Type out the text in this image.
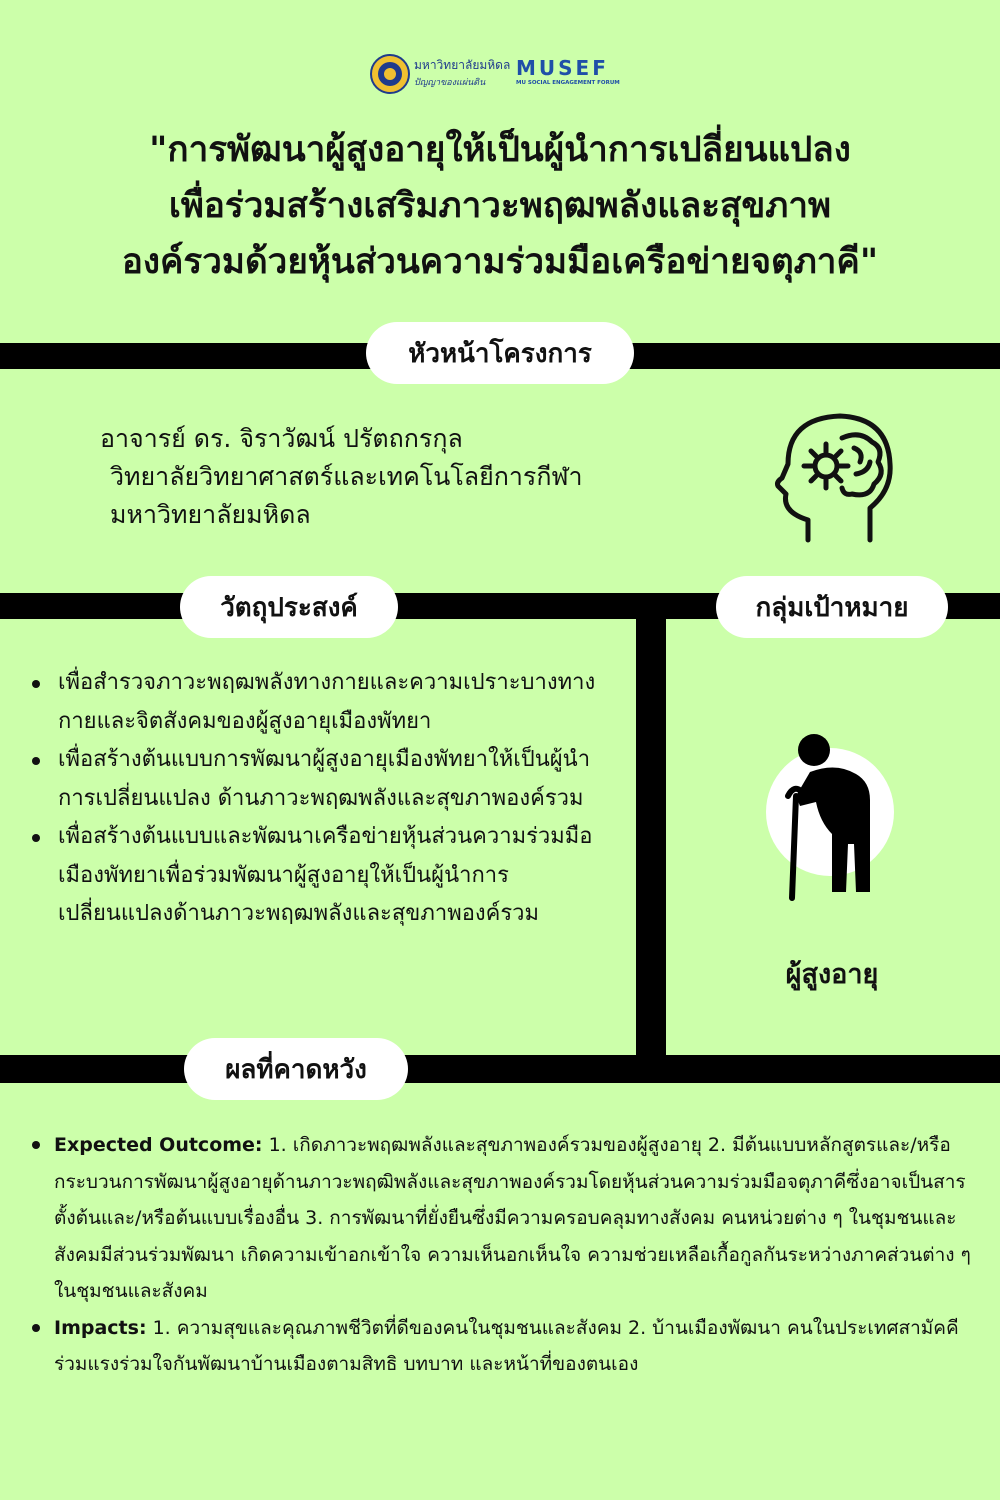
มหาวิทยาลัยมหิดล
ปัญญาของแผ่นดิน
MUSEF
MU SOCIAL ENGAGEMENT FORUM
"การพัฒนาผู้สูงอายุให้เป็นผู้นำการเปลี่ยนแปลง
เพื่อร่วมสร้างเสริมภาวะพฤฒพลังและสุขภาพ
องค์รวมด้วยหุ้นส่วนความร่วมมือเครือข่ายจตุภาคี"
หัวหน้าโครงการ
อาจารย์ ดร. จิราวัฒน์ ปรัตถกรกุล
วิทยาลัยวิทยาศาสตร์และเทคโนโลยีการกีฬา
มหาวิทยาลัยมหิดล
วัตถุประสงค์	กลุ่มเป้าหมาย
เพื่อสำรวจภาวะพฤฒพลังทางกายและความเปราะบางทางกายและจิตสังคมของผู้สูงอายุเมืองพัทยา
เพื่อสร้างต้นแบบการพัฒนาผู้สูงอายุเมืองพัทยาให้เป็นผู้นำการเปลี่ยนแปลง ด้านภาวะพฤฒพลังและสุขภาพองค์รวม
เพื่อสร้างต้นแบบและพัฒนาเครือข่ายหุ้นส่วนความร่วมมือเมืองพัทยาเพื่อร่วมพัฒนาผู้สูงอายุให้เป็นผู้นำการเปลี่ยนแปลงด้านภาวะพฤฒพลังและสุขภาพองค์รวม
ผู้สูงอายุ
ผลที่คาดหวัง
Expected Outcome: 1. เกิดภาวะพฤฒพลังและสุขภาพองค์รวมของผู้สูงอายุ 2. มีต้นแบบหลักสูตรและ/หรือกระบวนการพัฒนาผู้สูงอายุด้านภาวะพฤฒิพลังและสุขภาพองค์รวมโดยหุ้นส่วนความร่วมมือจตุภาคีซึ่งอาจเป็นสารตั้งต้นและ/หรือต้นแบบเรื่องอื่น 3. การพัฒนาที่ยั่งยืนซึ่งมีความครอบคลุมทางสังคม คนหน่วยต่าง ๆ ในชุมชนและสังคมมีส่วนร่วมพัฒนา เกิดความเข้าอกเข้าใจ ความเห็นอกเห็นใจ ความช่วยเหลือเกื้อกูลกันระหว่างภาคส่วนต่าง ๆ ในชุมชนและสังคม
Impacts: 1. ความสุขและคุณภาพชีวิตที่ดีของคนในชุมชนและสังคม 2. บ้านเมืองพัฒนา คนในประเทศสามัคคี ร่วมแรงร่วมใจกันพัฒนาบ้านเมืองตามสิทธิ บทบาท และหน้าที่ของตนเอง
